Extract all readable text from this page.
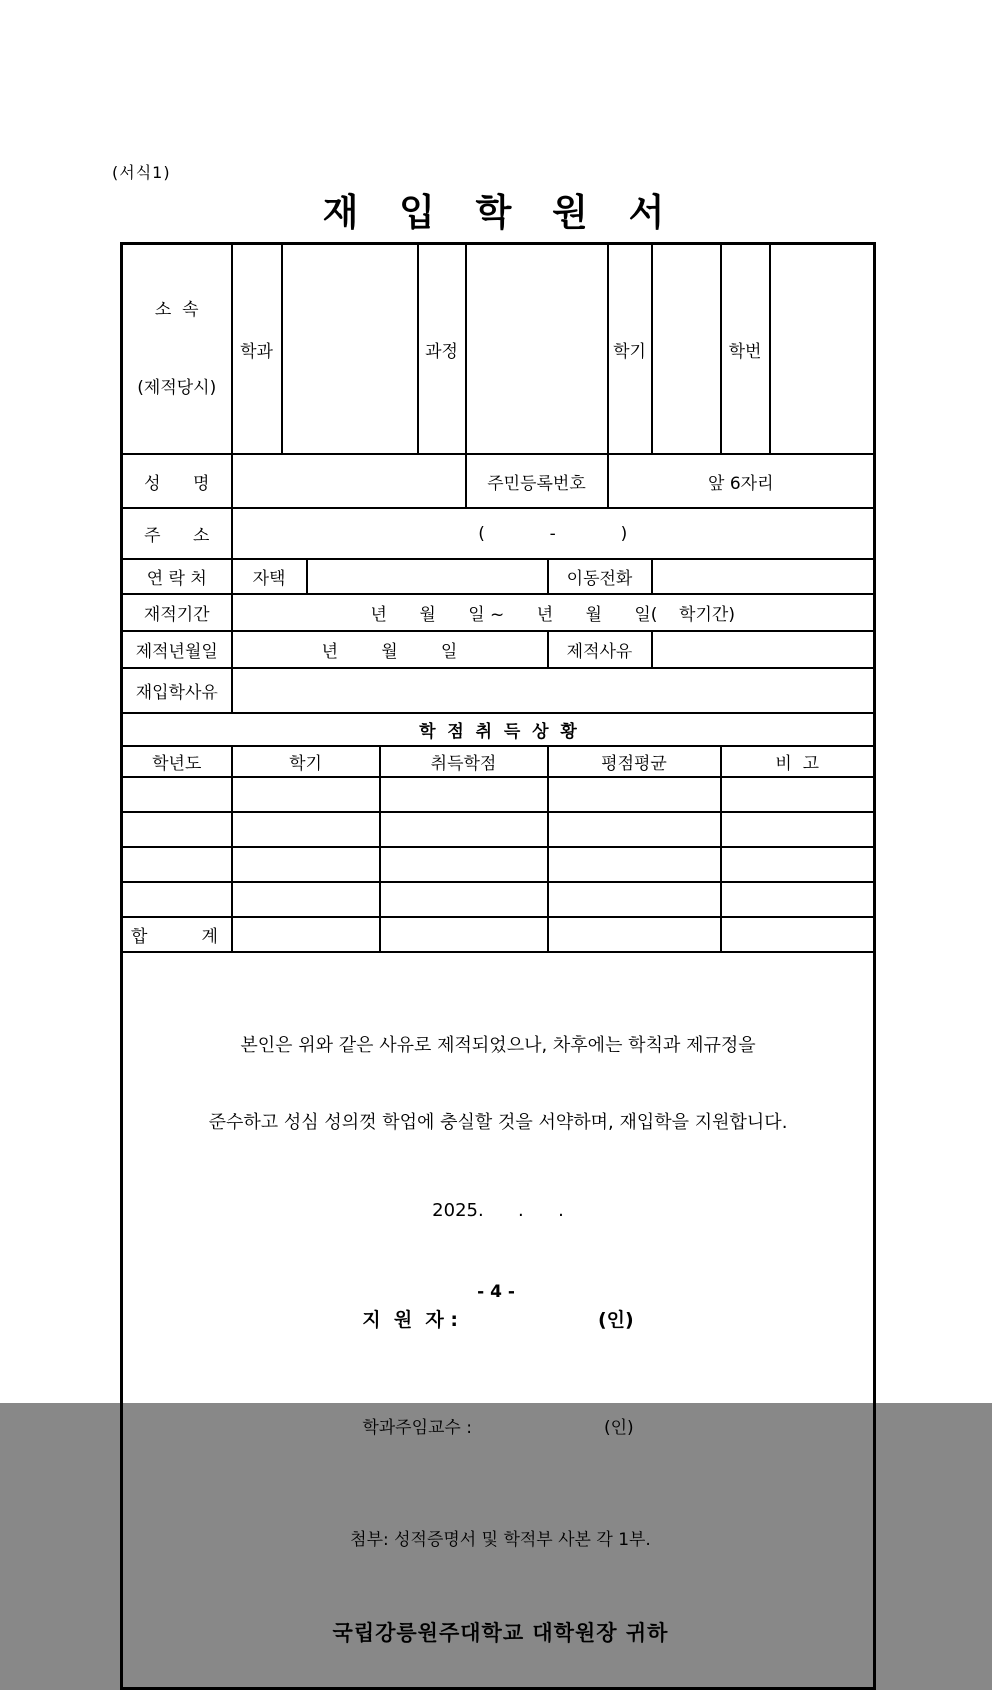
(서식1)
재  입  학  원  서

소  속

(제적당시)	학과				과정			학기		학번	
성      명						주민등록번호		앞 6자리			
주      소	(            -            )										
연 락 처	자택						이동전화				
재적기간	년      월      일 ~      년      월      일(    학기간)										
제적년월일	년        월        일						제적사유				
재입학사유											
학  점  취  득  상  황											
학년도	학기			취득학점			평점평균			비  고	

합          계											

본인은 위와 같은 사유로 제적되었으나, 차후에는 학칙과 제규정을

준수하고 성심 성의껏 학업에 충실할 것을 서약하며, 재입학을 지원합니다.

2025.      .      .

지  원  자 :	(인)

학과주임교수 :	(인)

첨부: 성적증명서 및 학적부 사본 각 1부.

국립강릉원주대학교 대학원장 귀하

- 4 -
